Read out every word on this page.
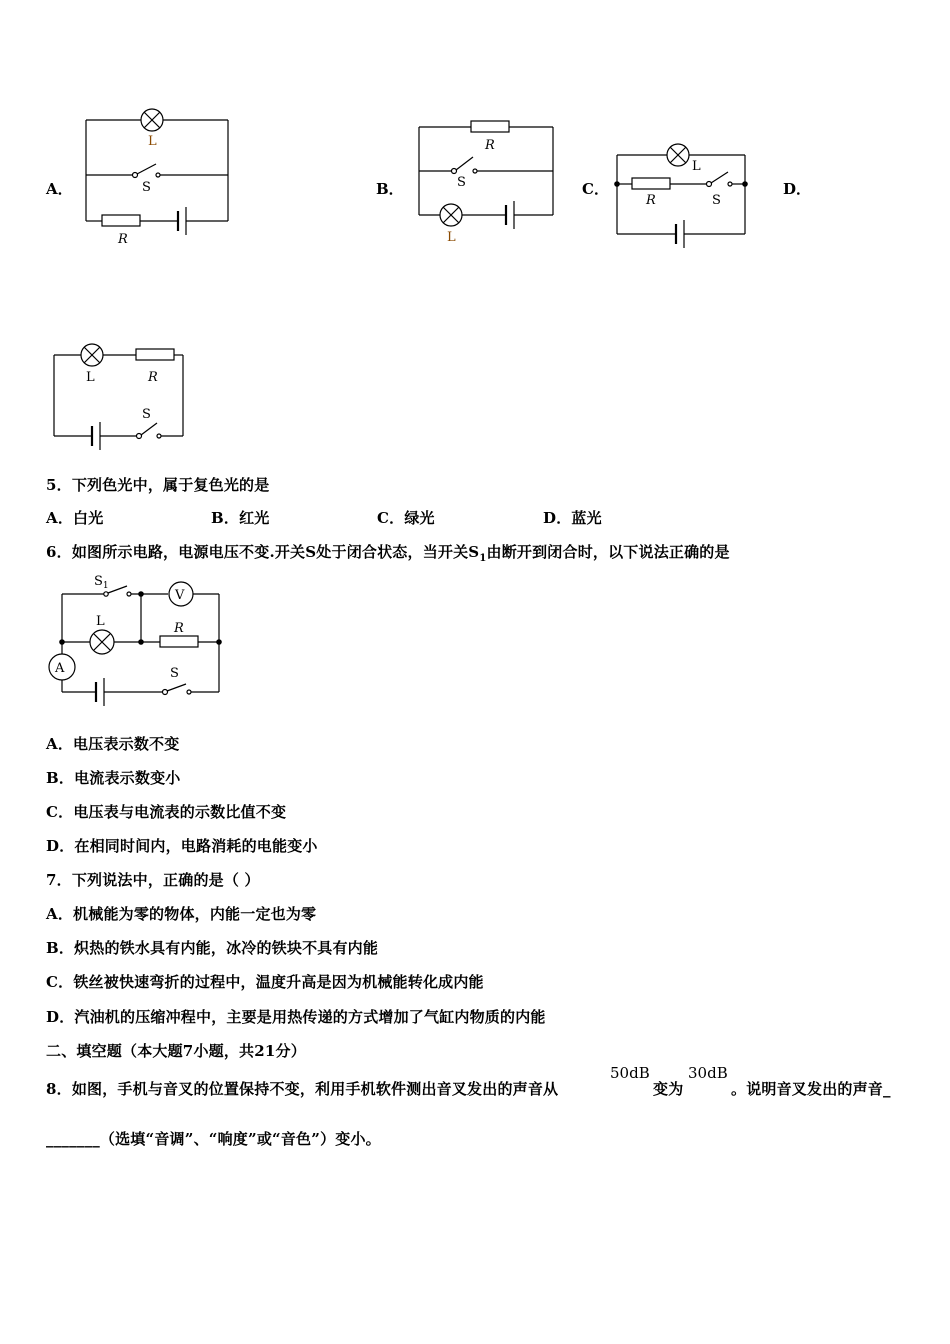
A．
L
S
R
B．
R
S
L
C．
L
R	S
D．
L	R
S
5．下列色光中，属于复色光的是
A．白光	B．红光	C．绿光	D．蓝光
6．如图所示电路，电源电压不变.开关S处于闭合状态，当开关$S_1$由断开到闭合时，以下说法正确的是
V
$S_1$
L	R
A	S
A．电压表示数不变
B．电流表示数变小
C．电压表与电流表的示数比值不变
D．在相同时间内，电路消耗的电能变小
7．下列说法中，正确的是（ ）
A．机械能为零的物体，内能一定也为零
B．炽热的铁水具有内能，冰冷的铁块不具有内能
C．铁丝被快速弯折的过程中，温度升高是因为机械能转化成内能
D．汽油机的压缩冲程中，主要是用热传递的方式增加了气缸内物质的内能
二、填空题（本大题7小题，共21分）
8．如图，手机与音叉的位置保持不变，利用手机软件测出音叉发出的声音从
50dB
变为
30dB
。说明音叉发出的声音_
_______（选填“音调”、“响度”或“音色”）变小。
